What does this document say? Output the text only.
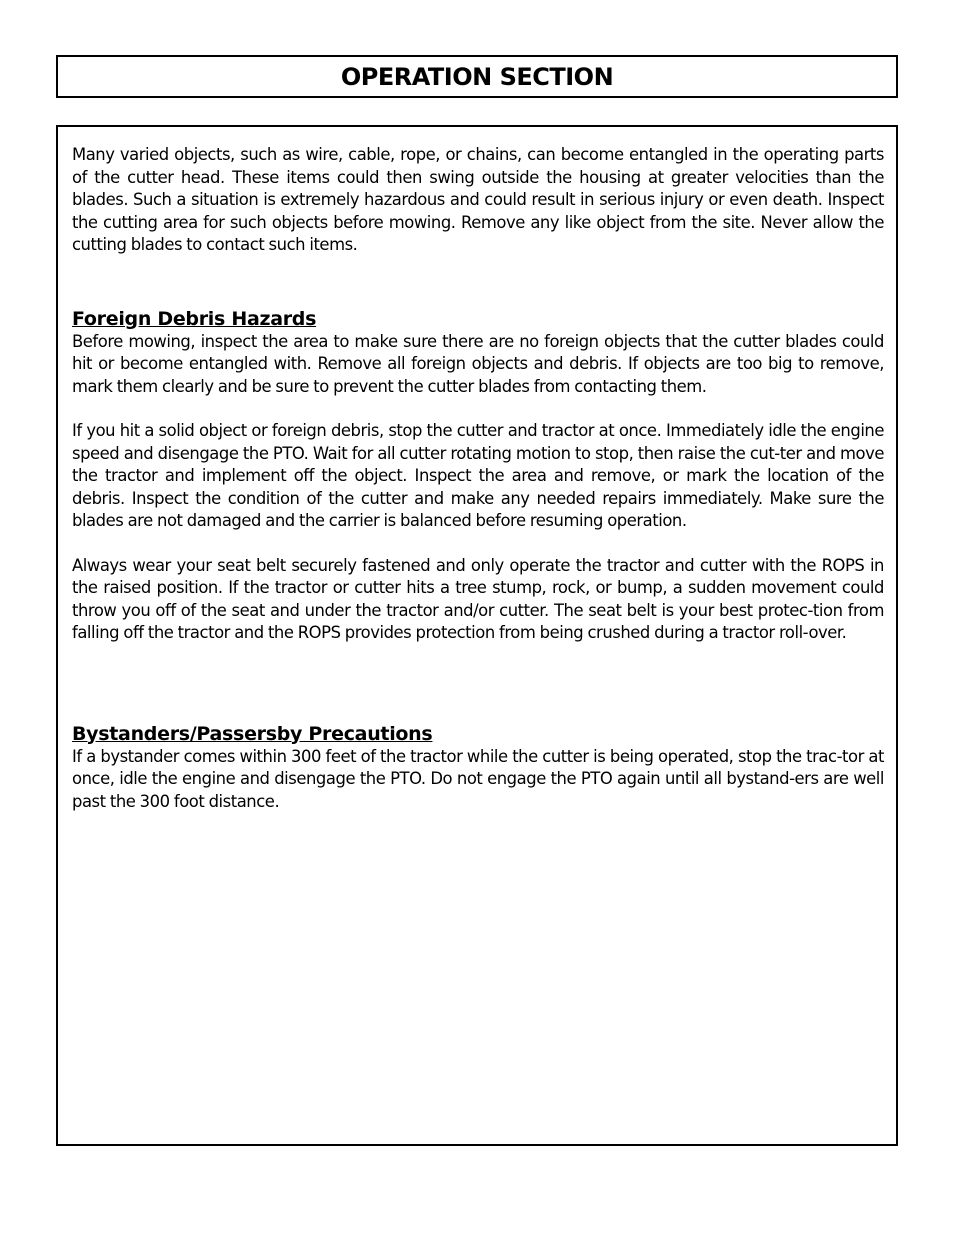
OPERATION SECTION

Many varied objects, such as wire, cable, rope, or chains, can become entangled in the operating parts of the cutter head. These items could then swing outside the housing at greater velocities than the blades. Such a situation is extremely hazardous and could result in serious injury or even death. Inspect the cutting area for such objects before mowing. Remove any like object from the site. Never allow the cutting blades to contact such items.

Foreign Debris Hazards

Before mowing, inspect the area to make sure there are no foreign objects that the cutter blades could hit or become entangled with. Remove all foreign objects and debris. If objects are too big to remove, mark them clearly and be sure to prevent the cutter blades from contacting them.

If you hit a solid object or foreign debris, stop the cutter and tractor at once. Immediately idle the engine speed and disengage the PTO. Wait for all cutter rotating motion to stop, then raise the cut-ter and move the tractor and implement off the object. Inspect the area and remove, or mark the location of the debris. Inspect the condition of the cutter and make any needed repairs immediately. Make sure the blades are not damaged and the carrier is balanced before resuming operation.

Always wear your seat belt securely fastened and only operate the tractor and cutter with the ROPS in the raised position. If the tractor or cutter hits a tree stump, rock, or bump, a sudden movement could throw you off of the seat and under the tractor and/or cutter. The seat belt is your best protec-tion from falling off the tractor and the ROPS provides protection from being crushed during a tractor roll-over.

Bystanders/Passersby Precautions

If a bystander comes within 300 feet of the tractor while the cutter is being operated, stop the trac-tor at once, idle the engine and disengage the PTO. Do not engage the PTO again until all bystand-ers are well past the 300 foot distance.
